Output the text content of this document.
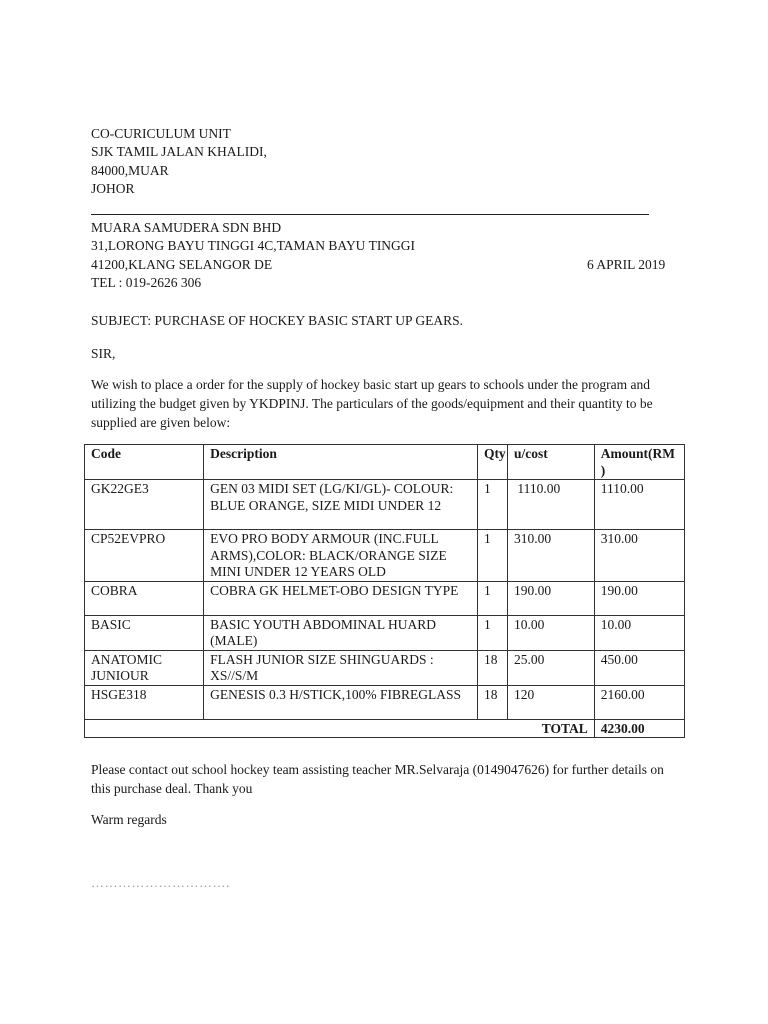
CO-CURICULUM UNIT
SJK TAMIL JALAN KHALIDI,
84000,MUAR
JOHOR
MUARA SAMUDERA SDN BHD
31,LORONG BAYU TINGGI 4C,TAMAN BAYU TINGGI
41200,KLANG SELANGOR DE	6 APRIL 2019
TEL : 019-2626 306
SUBJECT: PURCHASE OF HOCKEY BASIC START UP GEARS.
SIR,
We wish to place a order for the supply of hockey basic start up gears to schools under the program and utilizing the budget given by YKDPINJ. The particulars of the goods/equipment and their quantity to be supplied are given below:
Code	Description	Qty	u/cost	Amount(RM )
GK22GE3	GEN 03 MIDI SET (LG/KI/GL)- COLOUR: BLUE ORANGE, SIZE MIDI UNDER 12	1	1110.00	1110.00
CP52EVPRO	EVO PRO BODY ARMOUR (INC.FULL ARMS),COLOR: BLACK/ORANGE SIZE MINI UNDER 12 YEARS OLD	1	310.00	310.00
COBRA	COBRA GK HELMET-OBO DESIGN TYPE	1	190.00	190.00
BASIC	BASIC YOUTH ABDOMINAL HUARD (MALE)	1	10.00	10.00
ANATOMIC JUNIOUR	FLASH JUNIOR SIZE SHINGUARDS : XS//S/M	18	25.00	450.00
HSGE318	GENESIS 0.3 H/STICK,100% FIBREGLASS	18	120	2160.00
TOTAL				4230.00
Please contact out school hockey team assisting teacher MR.Selvaraja (0149047626) for further details on this purchase deal. Thank you
Warm regards
………………………….
